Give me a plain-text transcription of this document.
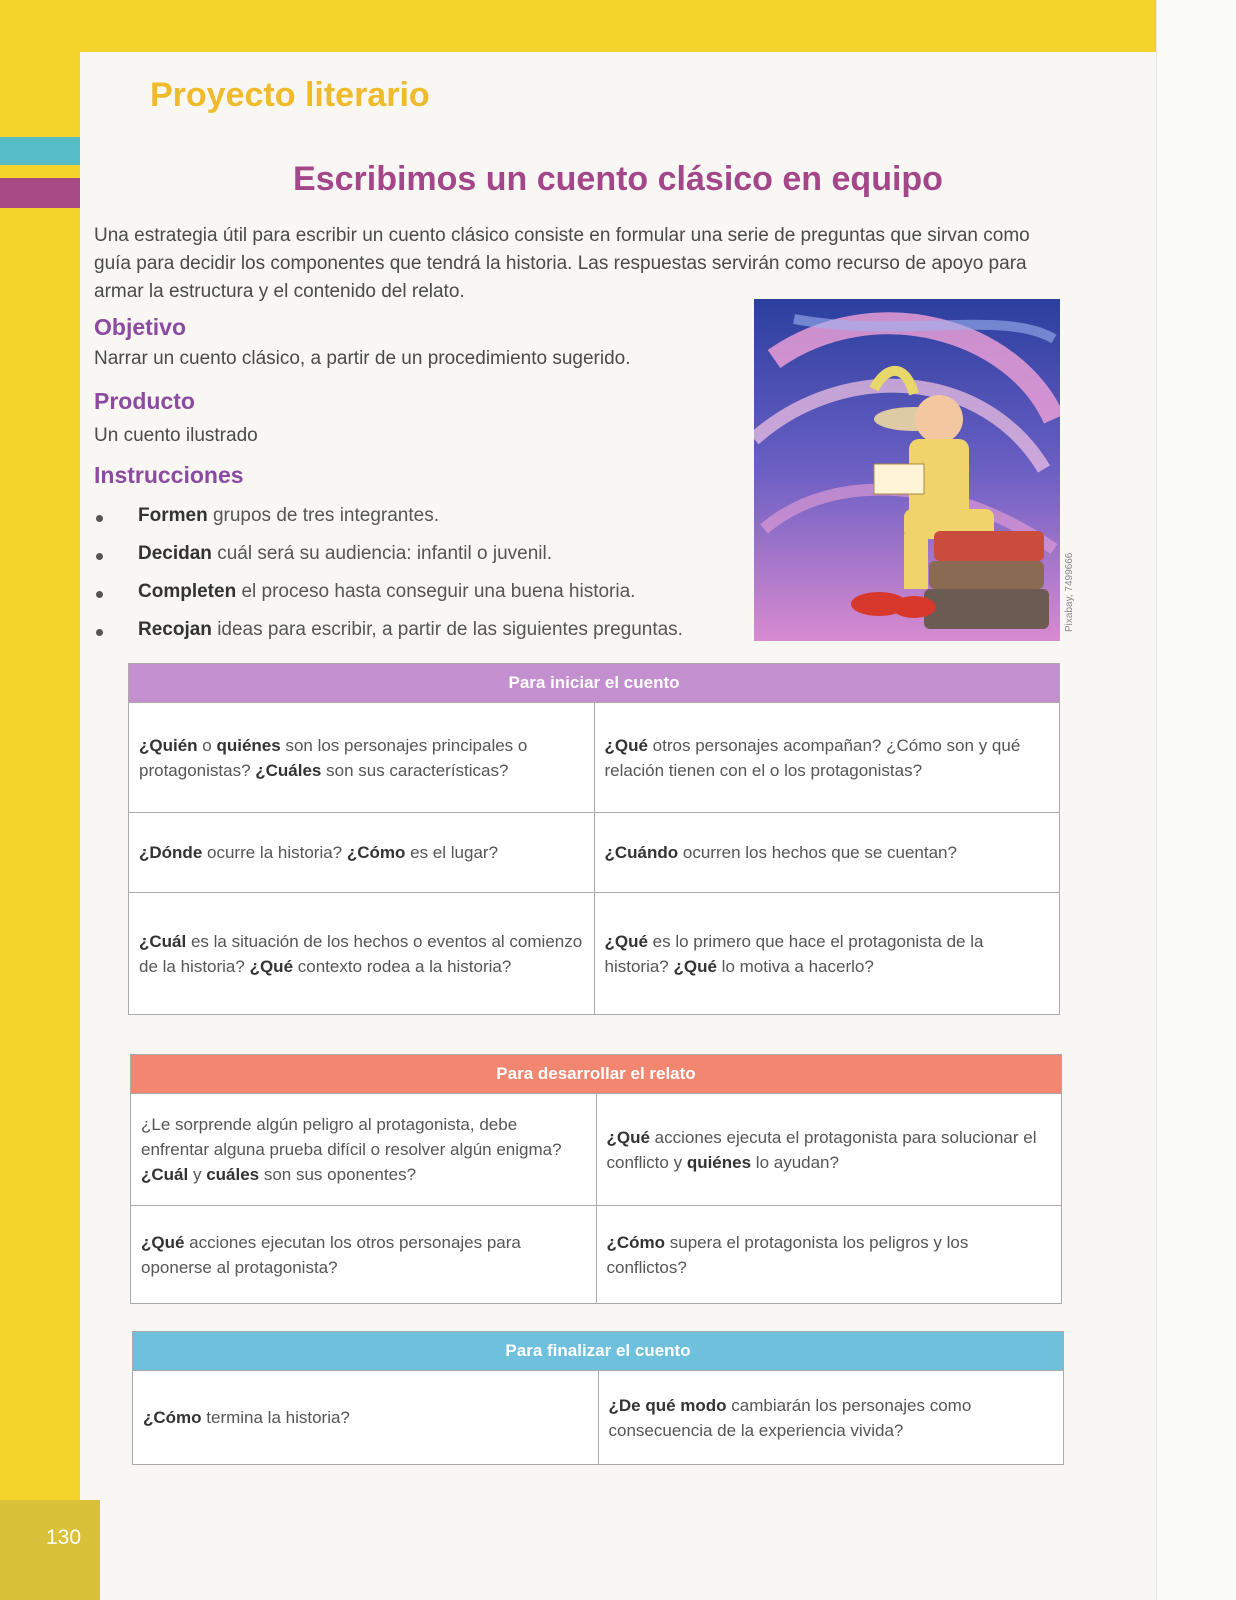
Proyecto literario
Escribimos un cuento clásico en equipo

Una estrategia útil para escribir un cuento clásico consiste en formular una serie de preguntas que sirvan como guía para decidir los componentes que tendrá la historia. Las respuestas servirán como recurso de apoyo para armar la estructura y el contenido del relato.

Objetivo
Narrar un cuento clásico, a partir de un procedimiento sugerido.
Producto
Un cuento ilustrado
Instrucciones
Formen grupos de tres integrantes.
Decidan cuál será su audiencia: infantil o juvenil.
Completen el proceso hasta conseguir una buena historia.
Recojan ideas para escribir, a partir de las siguientes preguntas.	Pixabay, 7499666
Para iniciar el cuento	
¿Quién o quiénes son los personajes principales o protagonistas? ¿Cuáles son sus características?	¿Qué otros personajes acompañan? ¿Cómo son y qué relación tienen con el o los protagonistas?
¿Dónde ocurre la historia? ¿Cómo es el lugar?	¿Cuándo ocurren los hechos que se cuentan?
¿Cuál es la situación de los hechos o eventos al comienzo de la historia? ¿Qué contexto rodea a la historia?	¿Qué es lo primero que hace el protagonista de la historia? ¿Qué lo motiva a hacerlo?
Para desarrollar el relato	
¿Le sorprende algún peligro al protagonista, debe enfrentar alguna prueba difícil o resolver algún enigma? ¿Cuál y cuáles son sus oponentes?	¿Qué acciones ejecuta el protagonista para solucionar el conflicto y quiénes lo ayudan?
¿Qué acciones ejecutan los otros personajes para oponerse al protagonista?	¿Cómo supera el protagonista los peligros y los conflictos?
Para finalizar el cuento
¿Cómo termina la historia?	¿De qué modo cambiarán los personajes como consecuencia de la experiencia vivida?
130
